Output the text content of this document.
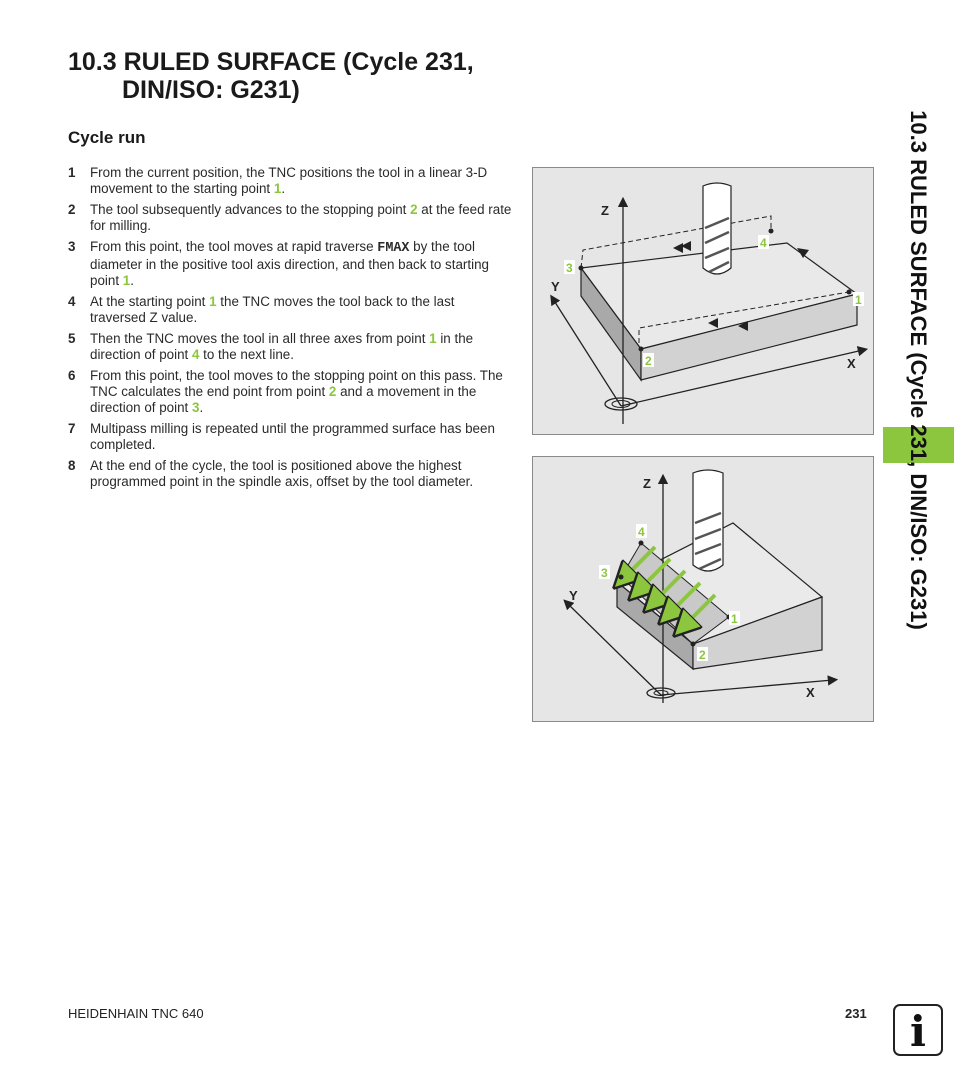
10.3 RULED SURFACE (Cycle 231,
DIN/ISO: G231)
Cycle run
1 From the current position, the TNC positions the tool in a linear 3-D movement to the starting point 1.
2 The tool subsequently advances to the stopping point 2 at the feed rate for milling.
3 From this point, the tool moves at rapid traverse FMAX by the tool diameter in the positive tool axis direction, and then back to starting point 1.
4 At the starting point 1 the TNC moves the tool back to the last traversed Z value.
5 Then the TNC moves the tool in all three axes from point 1 in the direction of point 4 to the next line.
6 From this point, the tool moves to the stopping point on this pass. The TNC calculates the end point from point 2 and a movement in the direction of point 3.
7 Multipass milling is repeated until the programmed surface has been completed.
8 At the end of the cycle, the tool is positioned above the highest programmed point in the spindle axis, offset by the tool diameter.
Z
Y
X
3
4
1
2
Z
Y
X
4
3
1
2
10.3 RULED SURFACE (Cycle 231, DIN/ISO: G231)
HEIDENHAIN TNC 640	231 i
